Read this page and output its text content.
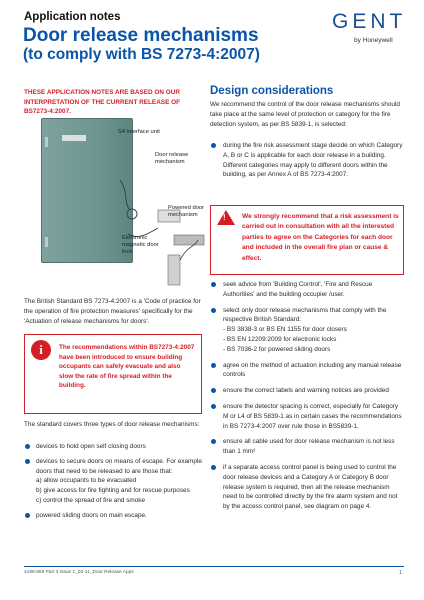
Application notes
Door release mechanisms
(to comply with BS 7273-4:2007)
GENT
by Honeywell
THESE APPLICATION NOTES ARE BASED ON OUR INTERPRETATION OF THE CURRENT RELEASE OF BS7273-4:2007.
S4 interface unit
Door release mechanism
Powered door mechanism
Electronic magnetic door lock
The British Standard BS 7273-4:2007 is a 'Code of practice for the operation of fire protection measures' specifically for the 'Actuation of release mechanisms for doors'.
i	The recommendations within BS7273-4:2007 have been introduced to ensure building occupants can safely evacuate and also slow the rate of fire spread within the building.
The standard covers three types of door release mechanisms:
devices to hold open self closing doors
devices to secure doors on means of escape. For example doors that need to be released to are those that:
a) allow occupants to be evacuated
b) give access for fire fighting and for rescue purposes
c) control the spread of fire and smoke
powered sliding doors on main escape.
Design considerations
We recommend the control of the door release mechanisms should take place at the same level of protection or category for the fire detection system, as per BS 5839-1, is selected:
during the fire risk assessment stage decide on which Category A, B or C is applicable for each door release in a building. Different categories may apply to different doors within the building, as per Annex A of BS 7273-4:2007.
!	We strongly recommend that a risk assessment is carried out in consultation with all the interested parties to agree on the Categories for each door and included in the overall fire plan or cause & effect.
seek advice from 'Building Control', 'Fire and Rescue Authorities' and the building occupier /user.
select only door release mechanisms that comply with the respective British Standard:
- BS 3838-3 or BS EN 1155 for door closers
- BS EN 12209:2009 for electronic locks
- BS 7036-2 for powered sliding doors
agree on the method of actuation including any manual release controls
ensure the correct labels and warning notices are provided
ensure the detector spacing is correct, especially for Category M or L4 of BS 5839-1 as in certain cases the recommendations in BS 7273-4:2007 over rule those in BS5839-1.
ensure all cable used for door release mechanism is not less than 1 mm²
if a separate access control panel is being used to control the door release devices and a Category A or Category B door release system is required, then all the release mechanism need to be controlled directly by the fire alarm system and not by the access control panel, see diagram on page 4.
4188-968 Part 3 Issue 1_03-11_Door Release Apps	1
